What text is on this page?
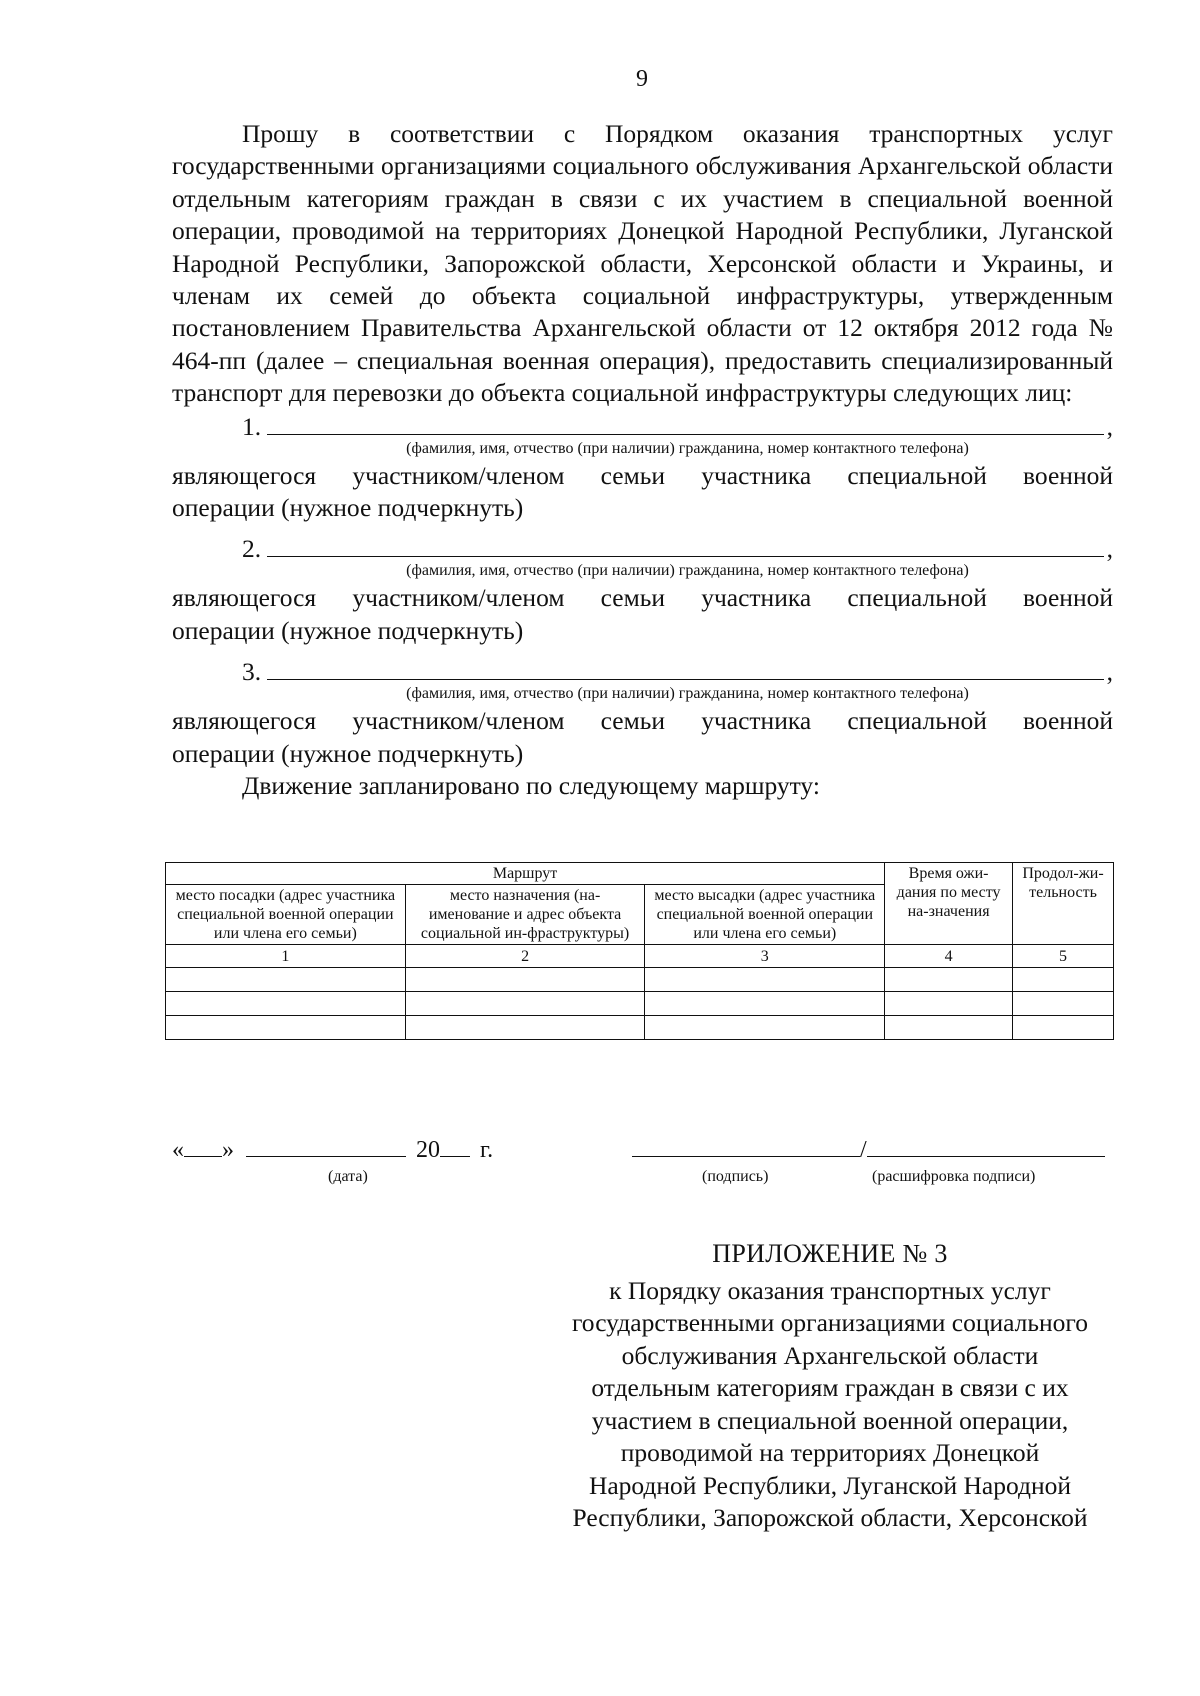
9

Прошу в соответствии с Порядком оказания транспортных услуг государственными организациями социального обслуживания Архангельской области отдельным категориям граждан в связи с их участием в специальной военной операции, проводимой на территориях Донецкой Народной Республики, Луганской Народной Республики, Запорожской области, Херсонской области и Украины, и членам их семей до объекта социальной инфраструктуры, утвержденным постановлением Правительства Архангельской области от 12 октября 2012 года № 464-пп (далее – специальная военная операция), предоставить специализированный транспорт для перевозки до объекта социальной инфраструктуры следующих лиц:

1.	,
(фамилия, имя, отчество (при наличии) гражданина, номер контактного телефона)

являющегося участником/членом семьи участника специальной военной

операции (нужное подчеркнуть)

2.	,
(фамилия, имя, отчество (при наличии) гражданина, номер контактного телефона)

являющегося участником/членом семьи участника специальной военной

операции (нужное подчеркнуть)

3.	,
(фамилия, имя, отчество (при наличии) гражданина, номер контактного телефона)

являющегося участником/членом семьи участника специальной военной

операции (нужное подчеркнуть)

Движение запланировано по следующему маршруту:

Маршрут			Время ожи-дания по месту на-значения	Продол-жи-тельность
место посадки (адрес участника специальной военной операции или члена его семьи)	место назначения (на-именование и адрес объекта социальной ин-фраструктуры)	место высадки (адрес участника специальной военной операции или члена его семьи)		
1	2	3	4	5

« »	20 г.
(дата)
/
(подпись)	(расшифровка подписи)
ПРИЛОЖЕНИЕ № 3
к Порядку оказания транспортных услуг
государственными организациями социального
обслуживания Архангельской области
отдельным категориям граждан в связи с их
участием в специальной военной операции,
проводимой на территориях Донецкой
Народной Республики, Луганской Народной
Республики, Запорожской области, Херсонской
